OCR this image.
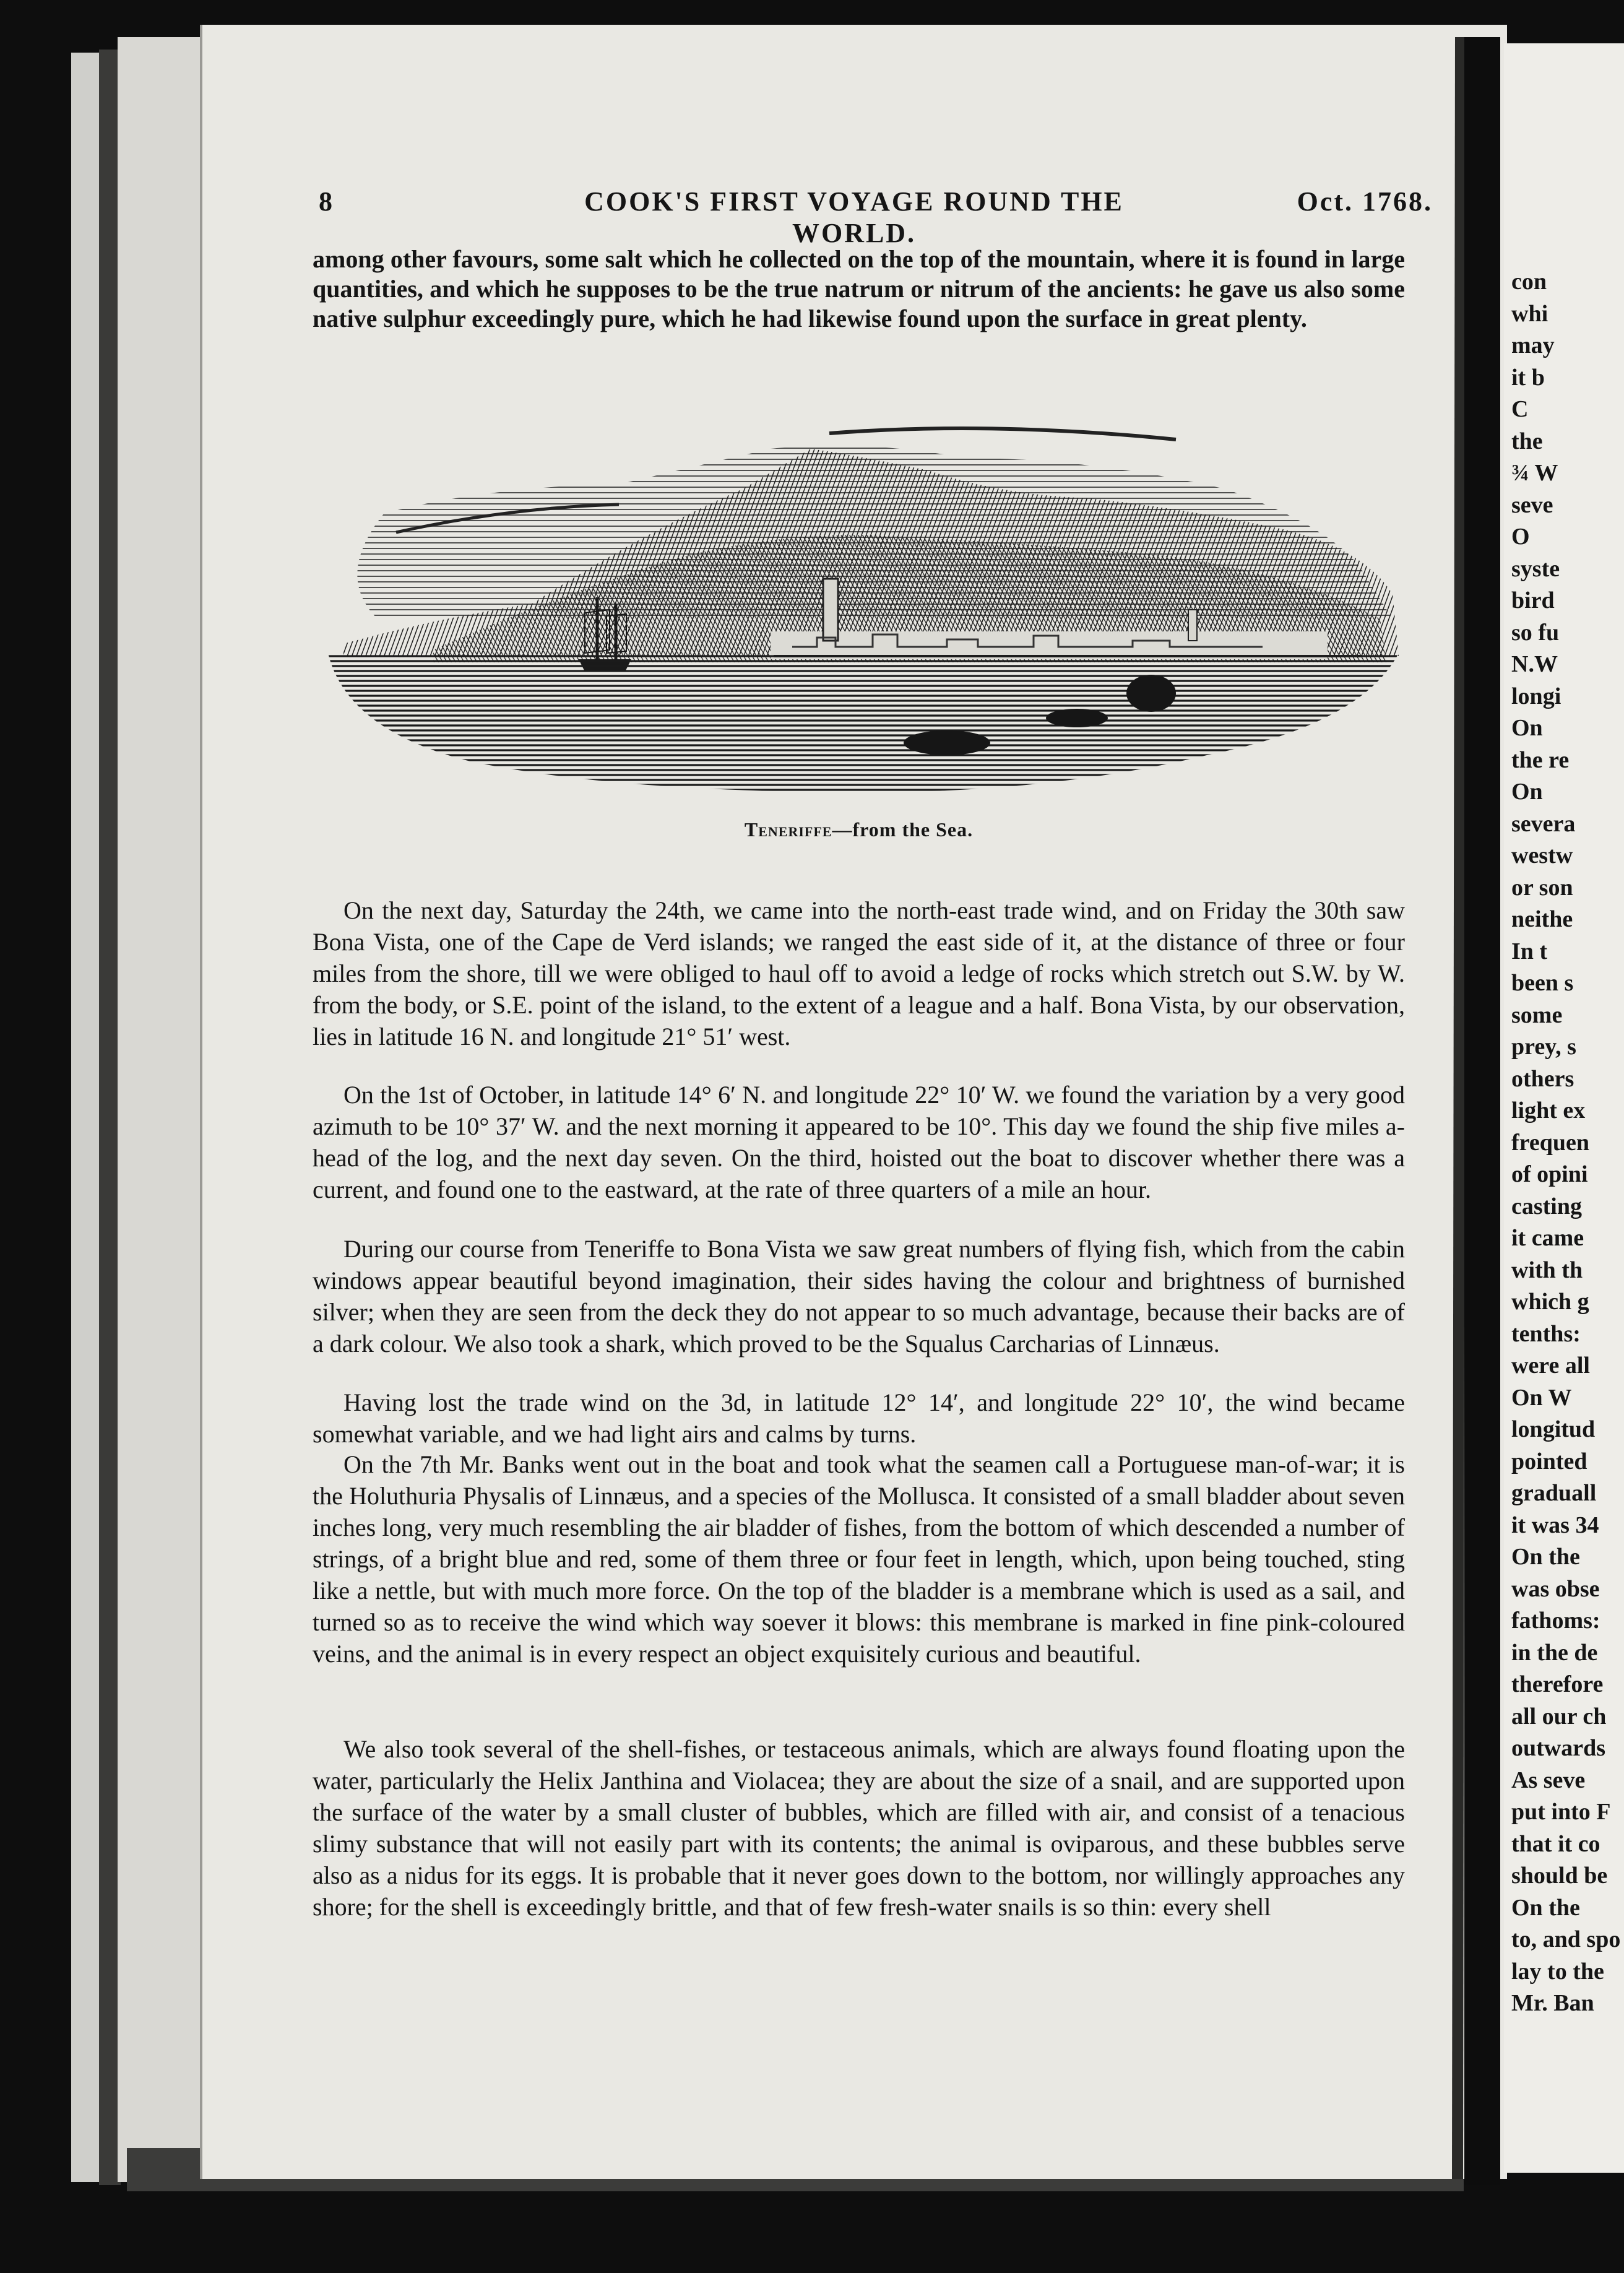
8	COOK'S FIRST VOYAGE ROUND THE WORLD.
Oct. 1768.

among other favours, some salt which he collected on the top of the mountain, where it is found in large quantities, and which he supposes to be the true natrum or nitrum of the ancients: he gave us also some native sulphur exceedingly pure, which he had likewise found upon the surface in great plenty.

Teneriffe—from the Sea.

On the next day, Saturday the 24th, we came into the north-east trade wind, and on Friday the 30th saw Bona Vista, one of the Cape de Verd islands; we ranged the east side of it, at the distance of three or four miles from the shore, till we were obliged to haul off to avoid a ledge of rocks which stretch out S.W. by W. from the body, or S.E. point of the island, to the extent of a league and a half. Bona Vista, by our observation, lies in latitude 16 N. and longitude 21° 51′ west.

On the 1st of October, in latitude 14° 6′ N. and longitude 22° 10′ W. we found the variation by a very good azimuth to be 10° 37′ W. and the next morning it appeared to be 10°. This day we found the ship five miles a-head of the log, and the next day seven. On the third, hoisted out the boat to discover whether there was a current, and found one to the eastward, at the rate of three quarters of a mile an hour.

During our course from Teneriffe to Bona Vista we saw great numbers of flying fish, which from the cabin windows appear beautiful beyond imagination, their sides having the colour and brightness of burnished silver; when they are seen from the deck they do not appear to so much advantage, because their backs are of a dark colour. We also took a shark, which proved to be the Squalus Carcharias of Linnæus.

Having lost the trade wind on the 3d, in latitude 12° 14′, and longitude 22° 10′, the wind became somewhat variable, and we had light airs and calms by turns.

On the 7th Mr. Banks went out in the boat and took what the seamen call a Portuguese man-of-war; it is the Holuthuria Physalis of Linnæus, and a species of the Mollusca. It consisted of a small bladder about seven inches long, very much resembling the air bladder of fishes, from the bottom of which descended a number of strings, of a bright blue and red, some of them three or four feet in length, which, upon being touched, sting like a nettle, but with much more force. On the top of the bladder is a membrane which is used as a sail, and turned so as to receive the wind which way soever it blows: this membrane is marked in fine pink-coloured veins, and the animal is in every respect an object exquisitely curious and beautiful.

We also took several of the shell-fishes, or testaceous animals, which are always found floating upon the water, particularly the Helix Janthina and Violacea; they are about the size of a snail, and are supported upon the surface of the water by a small cluster of bubbles, which are filled with air, and consist of a tenacious slimy substance that will not easily part with its contents; the animal is oviparous, and these bubbles serve also as a nidus for its eggs. It is probable that it never goes down to the bottom, nor willingly approaches any shore; for the shell is exceedingly brittle, and that of few fresh-water snails is so thin: every shell

con
whi
may
it b
C
the
¾ W
seve
O
syste
bird
so fu
N.W
longi
On
the re
On
severa
westw
or son
neithe
In t
been s
some
prey, s
others
light ex
frequen
of opini
casting
it came
with th
which g
tenths:
were all
On W
longitud
pointed
graduall
it was 34
On the
was obse
fathoms:
in the de
therefore
all our ch
outwards
As seve
put into F
that it co
should be
On the
to, and spo
lay to the
Mr. Ban
